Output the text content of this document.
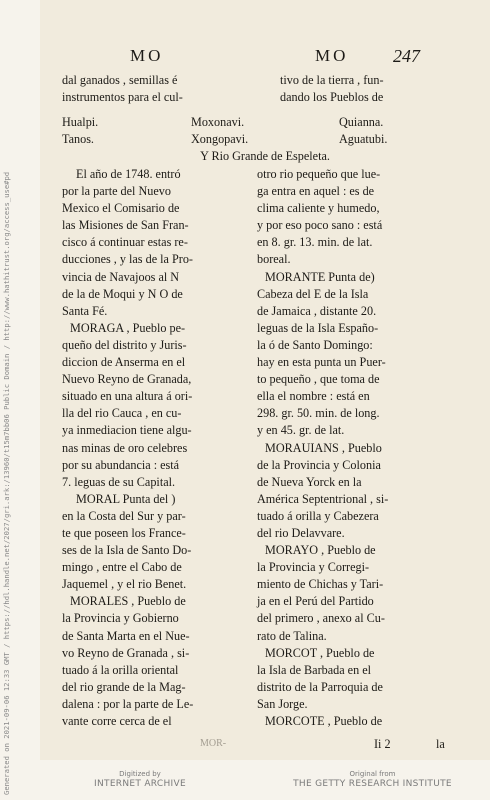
MO	MO 247
dal ganados , semillas é
instrumentos para el cul-
tivo de la tierra , fun-
dando los Pueblos de
Hualpi.	Moxonavi.	Quianna.
Tanos.	Xongopavi.	Aguatubi.
Y Rio Grande de Espeleta.
El año de 1748. entró
por la parte del Nuevo
Mexico el Comisario de
las Misiones de San Fran-
cisco á continuar estas re-
ducciones , y las de la Pro-
vincia de Navajoos al N
de la de Moqui y N O de
Santa Fé.
MORAGA , Pueblo pe-
queño del distrito y Juris-
diccion de Anserma en el
Nuevo Reyno de Granada,
situado en una altura á ori-
lla del rio Cauca , en cu-
ya inmediacion tiene algu-
nas minas de oro celebres
por su abundancia : está
7. leguas de su Capital.
MORAL Punta del )
en la Costa del Sur y par-
te que poseen los France-
ses de la Isla de Santo Do-
mingo , entre el Cabo de
Jaquemel , y el rio Benet.
MORALES , Pueblo de
la Provincia y Gobierno
de Santa Marta en el Nue-
vo Reyno de Granada , si-
tuado á la orilla oriental
del rio grande de la Mag-
dalena : por la parte de Le-
vante corre cerca de el
otro rio pequeño que lue-
ga entra en aquel : es de
clima caliente y humedo,
y por eso poco sano : está
en 8. gr. 13. min. de lat.
boreal.
MORANTE Punta de)
Cabeza del E de la Isla
de Jamaica , distante 20.
leguas de la Isla Españo-
la ó de Santo Domingo:
hay en esta punta un Puer-
to pequeño , que toma de
ella el nombre : está en
298. gr. 50. min. de long.
y en 45. gr. de lat.
MORAUIANS , Pueblo
de la Provincia y Colonia
de Nueva Yorck en la
América Septentrional , si-
tuado á orilla y Cabezera
del rio Delavvare.
MORAYO , Pueblo de
la Provincia y Corregi-
miento de Chichas y Tari-
ja en el Perú del Partido
del primero , anexo al Cu-
rato de Talina.
MORCOT , Pueblo de
la Isla de Barbada en el
distrito de la Parroquia de
San Jorge.
MORCOTE , Pueblo de
MOR-	Ii 2	la
Generated on 2021-09-06 12:33 GMT / https://hdl.handle.net/2027/gri.ark:/13960/t15m7bb06 Public Domain / http://www.hathitrust.org/access_use#pd	Digitized by
INTERNET ARCHIVE
Original from
THE GETTY RESEARCH INSTITUTE
